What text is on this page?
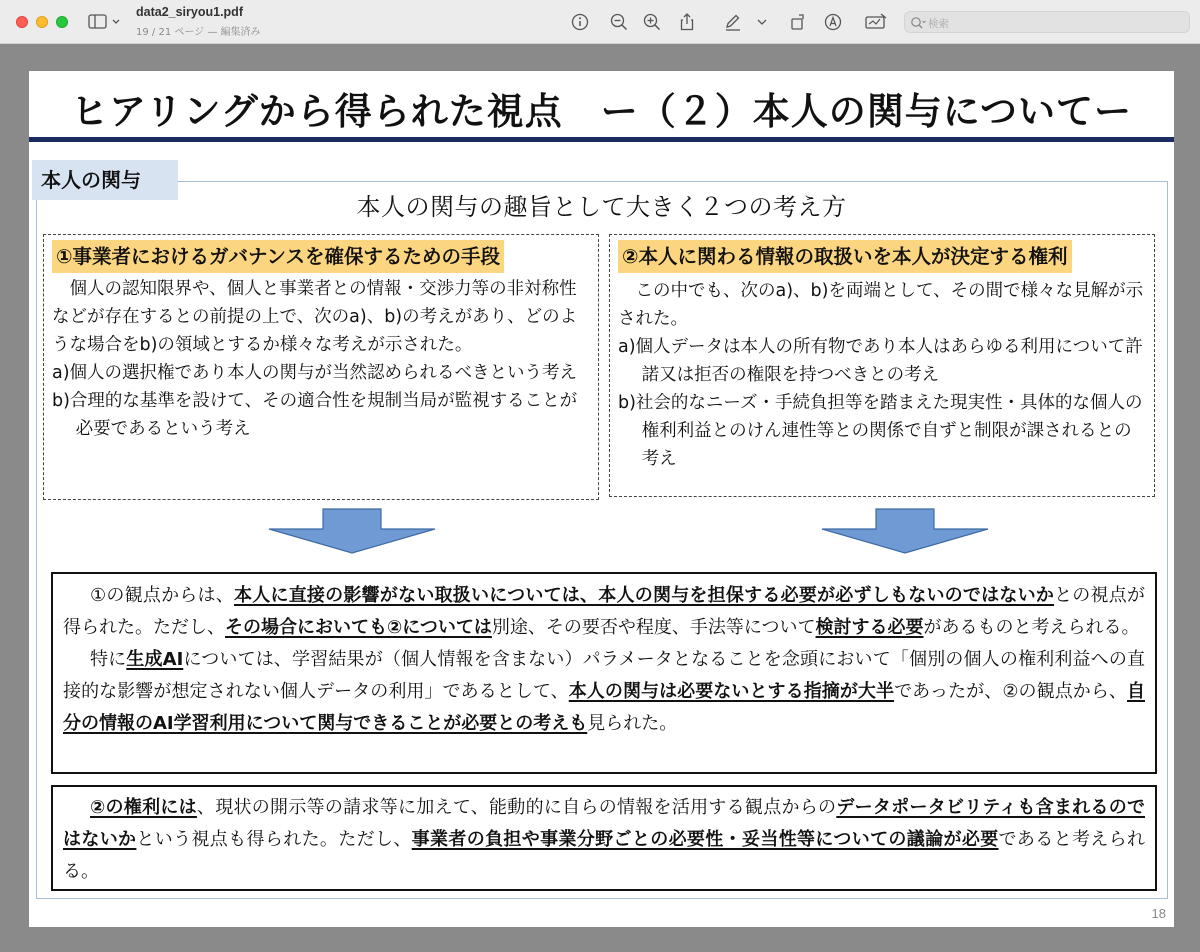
data2_siryou1.pdf
19 / 21 ページ — 編集済み
検索
ヒアリングから得られた視点　ー（２）本人の関与についてー
本人の関与
本人の関与の趣旨として大きく２つの考え方
①事業者におけるガバナンスを確保するための手段

個人の認知限界や、個人と事業者との情報・交渉力等の非対称性などが存在するとの前提の上で、次のa)、b)の考えがあり、どのような場合をb)の領域とするか様々な考えが示された。

a)個人の選択権であり本人の関与が当然認められるべきという考え

b)合理的な基準を設けて、その適合性を規制当局が監視することが必要であるという考え

②本人に関わる情報の取扱いを本人が決定する権利

この中でも、次のa)、b)を両端として、その間で様々な見解が示された。

a)個人データは本人の所有物であり本人はあらゆる利用について許諾又は拒否の権限を持つべきとの考え

b)社会的なニーズ・手続負担等を踏まえた現実性・具体的な個人の権利利益とのけん連性等との関係で自ずと制限が課されるとの考え

①の観点からは、本人に直接の影響がない取扱いについては、本人の関与を担保する必要が必ずしもないのではないかとの視点が得られた。ただし、その場合においても②については別途、その要否や程度、手法等について検討する必要があるものと考えられる。

特に生成AIについては、学習結果が（個人情報を含まない）パラメータとなることを念頭において「個別の個人の権利利益への直接的な影響が想定されない個人データの利用」であるとして、本人の関与は必要ないとする指摘が大半であったが、②の観点から、自分の情報のAI学習利用について関与できることが必要との考えも見られた。

②の権利には、現状の開示等の請求等に加えて、能動的に自らの情報を活用する観点からのデータポータビリティも含まれるのではないかという視点も得られた。ただし、事業者の負担や事業分野ごとの必要性・妥当性等についての議論が必要であると考えられる。

18
